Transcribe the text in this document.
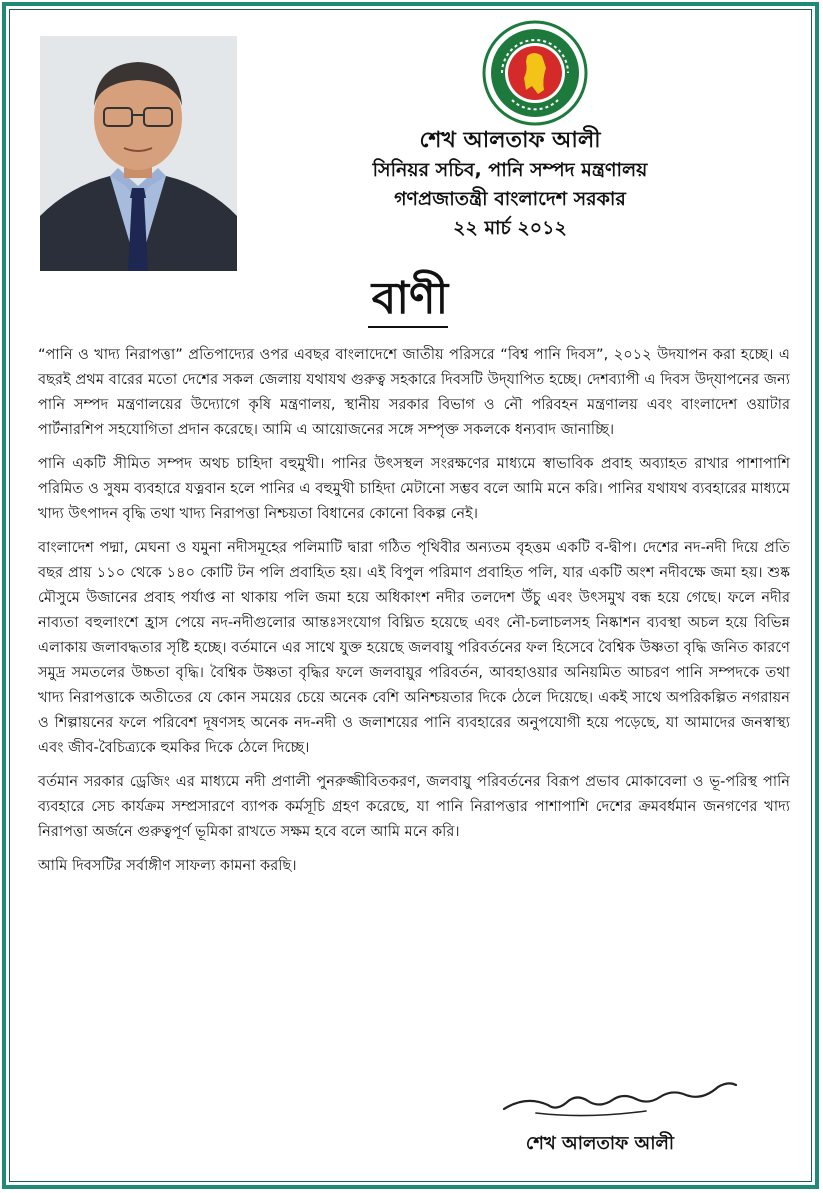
শেখ আলতাফ আলী
সিনিয়র সচিব, পানি সম্পদ মন্ত্রণালয়
গণপ্রজাতন্ত্রী বাংলাদেশ সরকার
২২ মার্চ ২০১২
বাণী

“পানি ও খাদ্য নিরাপত্তা” প্রতিপাদ্যের ওপর এবছর বাংলাদেশে জাতীয় পরিসরে “বিশ্ব পানি দিবস”, ২০১২ উদযাপন করা হচ্ছে। এ বছরই প্রথম বারের মতো দেশের সকল জেলায় যথাযথ গুরুত্ব সহকারে দিবসটি উদ্‌যাপিত হচ্ছে। দেশব্যাপী এ দিবস উদ্‌যাপনের জন্য পানি সম্পদ মন্ত্রণালয়ের উদ্যোগে কৃষি মন্ত্রণালয়, স্থানীয় সরকার বিভাগ ও নৌ পরিবহন মন্ত্রণালয় এবং বাংলাদেশ ওয়াটার পার্টনারশিপ সহযোগিতা প্রদান করেছে। আমি এ আয়োজনের সঙ্গে সম্পৃক্ত সকলকে ধন্যবাদ জানাচ্ছি।

পানি একটি সীমিত সম্পদ অথচ চাহিদা বহুমুখী। পানির উৎসস্থল সংরক্ষণের মাধ্যমে স্বাভাবিক প্রবাহ অব্যাহত রাখার পাশাপাশি পরিমিত ও সুষম ব্যবহারে যত্নবান হলে পানির এ বহুমুখী চাহিদা মেটানো সম্ভব বলে আমি মনে করি। পানির যথাযথ ব্যবহারের মাধ্যমে খাদ্য উৎপাদন বৃদ্ধি তথা খাদ্য নিরাপত্তা নিশ্চয়তা বিধানের কোনো বিকল্প নেই।

বাংলাদেশ পদ্মা, মেঘনা ও যমুনা নদীসমূহের পলিমাটি দ্বারা গঠিত পৃথিবীর অন্যতম বৃহত্তম একটি ব-দ্বীপ। দেশের নদ-নদী দিয়ে প্রতি বছর প্রায় ১১০ থেকে ১৪০ কোটি টন পলি প্রবাহিত হয়। এই বিপুল পরিমাণ প্রবাহিত পলি, যার একটি অংশ নদীবক্ষে জমা হয়। শুষ্ক মৌসুমে উজানের প্রবাহ পর্যাপ্ত না থাকায় পলি জমা হয়ে অধিকাংশ নদীর তলদেশ উঁচু এবং উৎসমুখ বন্ধ হয়ে গেছে। ফলে নদীর নাব্যতা বহুলাংশে হ্রাস পেয়ে নদ-নদীগুলোর আন্তঃসংযোগ বিঘ্নিত হয়েছে এবং নৌ-চলাচলসহ নিষ্কাশন ব্যবস্থা অচল হয়ে বিভিন্ন এলাকায় জলাবদ্ধতার সৃষ্টি হচ্ছে। বর্তমানে এর সাথে যুক্ত হয়েছে জলবায়ু পরিবর্তনের ফল হিসেবে বৈশ্বিক উষ্ণতা বৃদ্ধি জনিত কারণে সমুদ্র সমতলের উচ্চতা বৃদ্ধি। বৈশ্বিক উষ্ণতা বৃদ্ধির ফলে জলবায়ুর পরিবর্তন, আবহাওয়ার অনিয়মিত আচরণ পানি সম্পদকে তথা খাদ্য নিরাপত্তাকে অতীতের যে কোন সময়ের চেয়ে অনেক বেশি অনিশ্চয়তার দিকে ঠেলে দিয়েছে। একই সাথে অপরিকল্পিত নগরায়ন ও শিল্পায়নের ফলে পরিবেশ দূষণসহ অনেক নদ-নদী ও জলাশয়ের পানি ব্যবহারের অনুপযোগী হয়ে পড়েছে, যা আমাদের জনস্বাস্থ্য এবং জীব-বৈচিত্র্যকে হুমকির দিকে ঠেলে দিচ্ছে।

বর্তমান সরকার ড্রেজিং এর মাধ্যমে নদী প্রণালী পুনরুজ্জীবিতকরণ, জলবায়ু পরিবর্তনের বিরূপ প্রভাব মোকাবেলা ও ভূ-পরিস্থ পানি ব্যবহারে সেচ কার্যক্রম সম্প্রসারণে ব্যাপক কর্মসূচি গ্রহণ করেছে, যা পানি নিরাপত্তার পাশাপাশি দেশের ক্রমবর্ধমান জনগণের খাদ্য নিরাপত্তা অর্জনে গুরুত্বপূর্ণ ভূমিকা রাখতে সক্ষম হবে বলে আমি মনে করি।

আমি দিবসটির সর্বাঙ্গীণ সাফল্য কামনা করছি।

শেখ আলতাফ আলী
